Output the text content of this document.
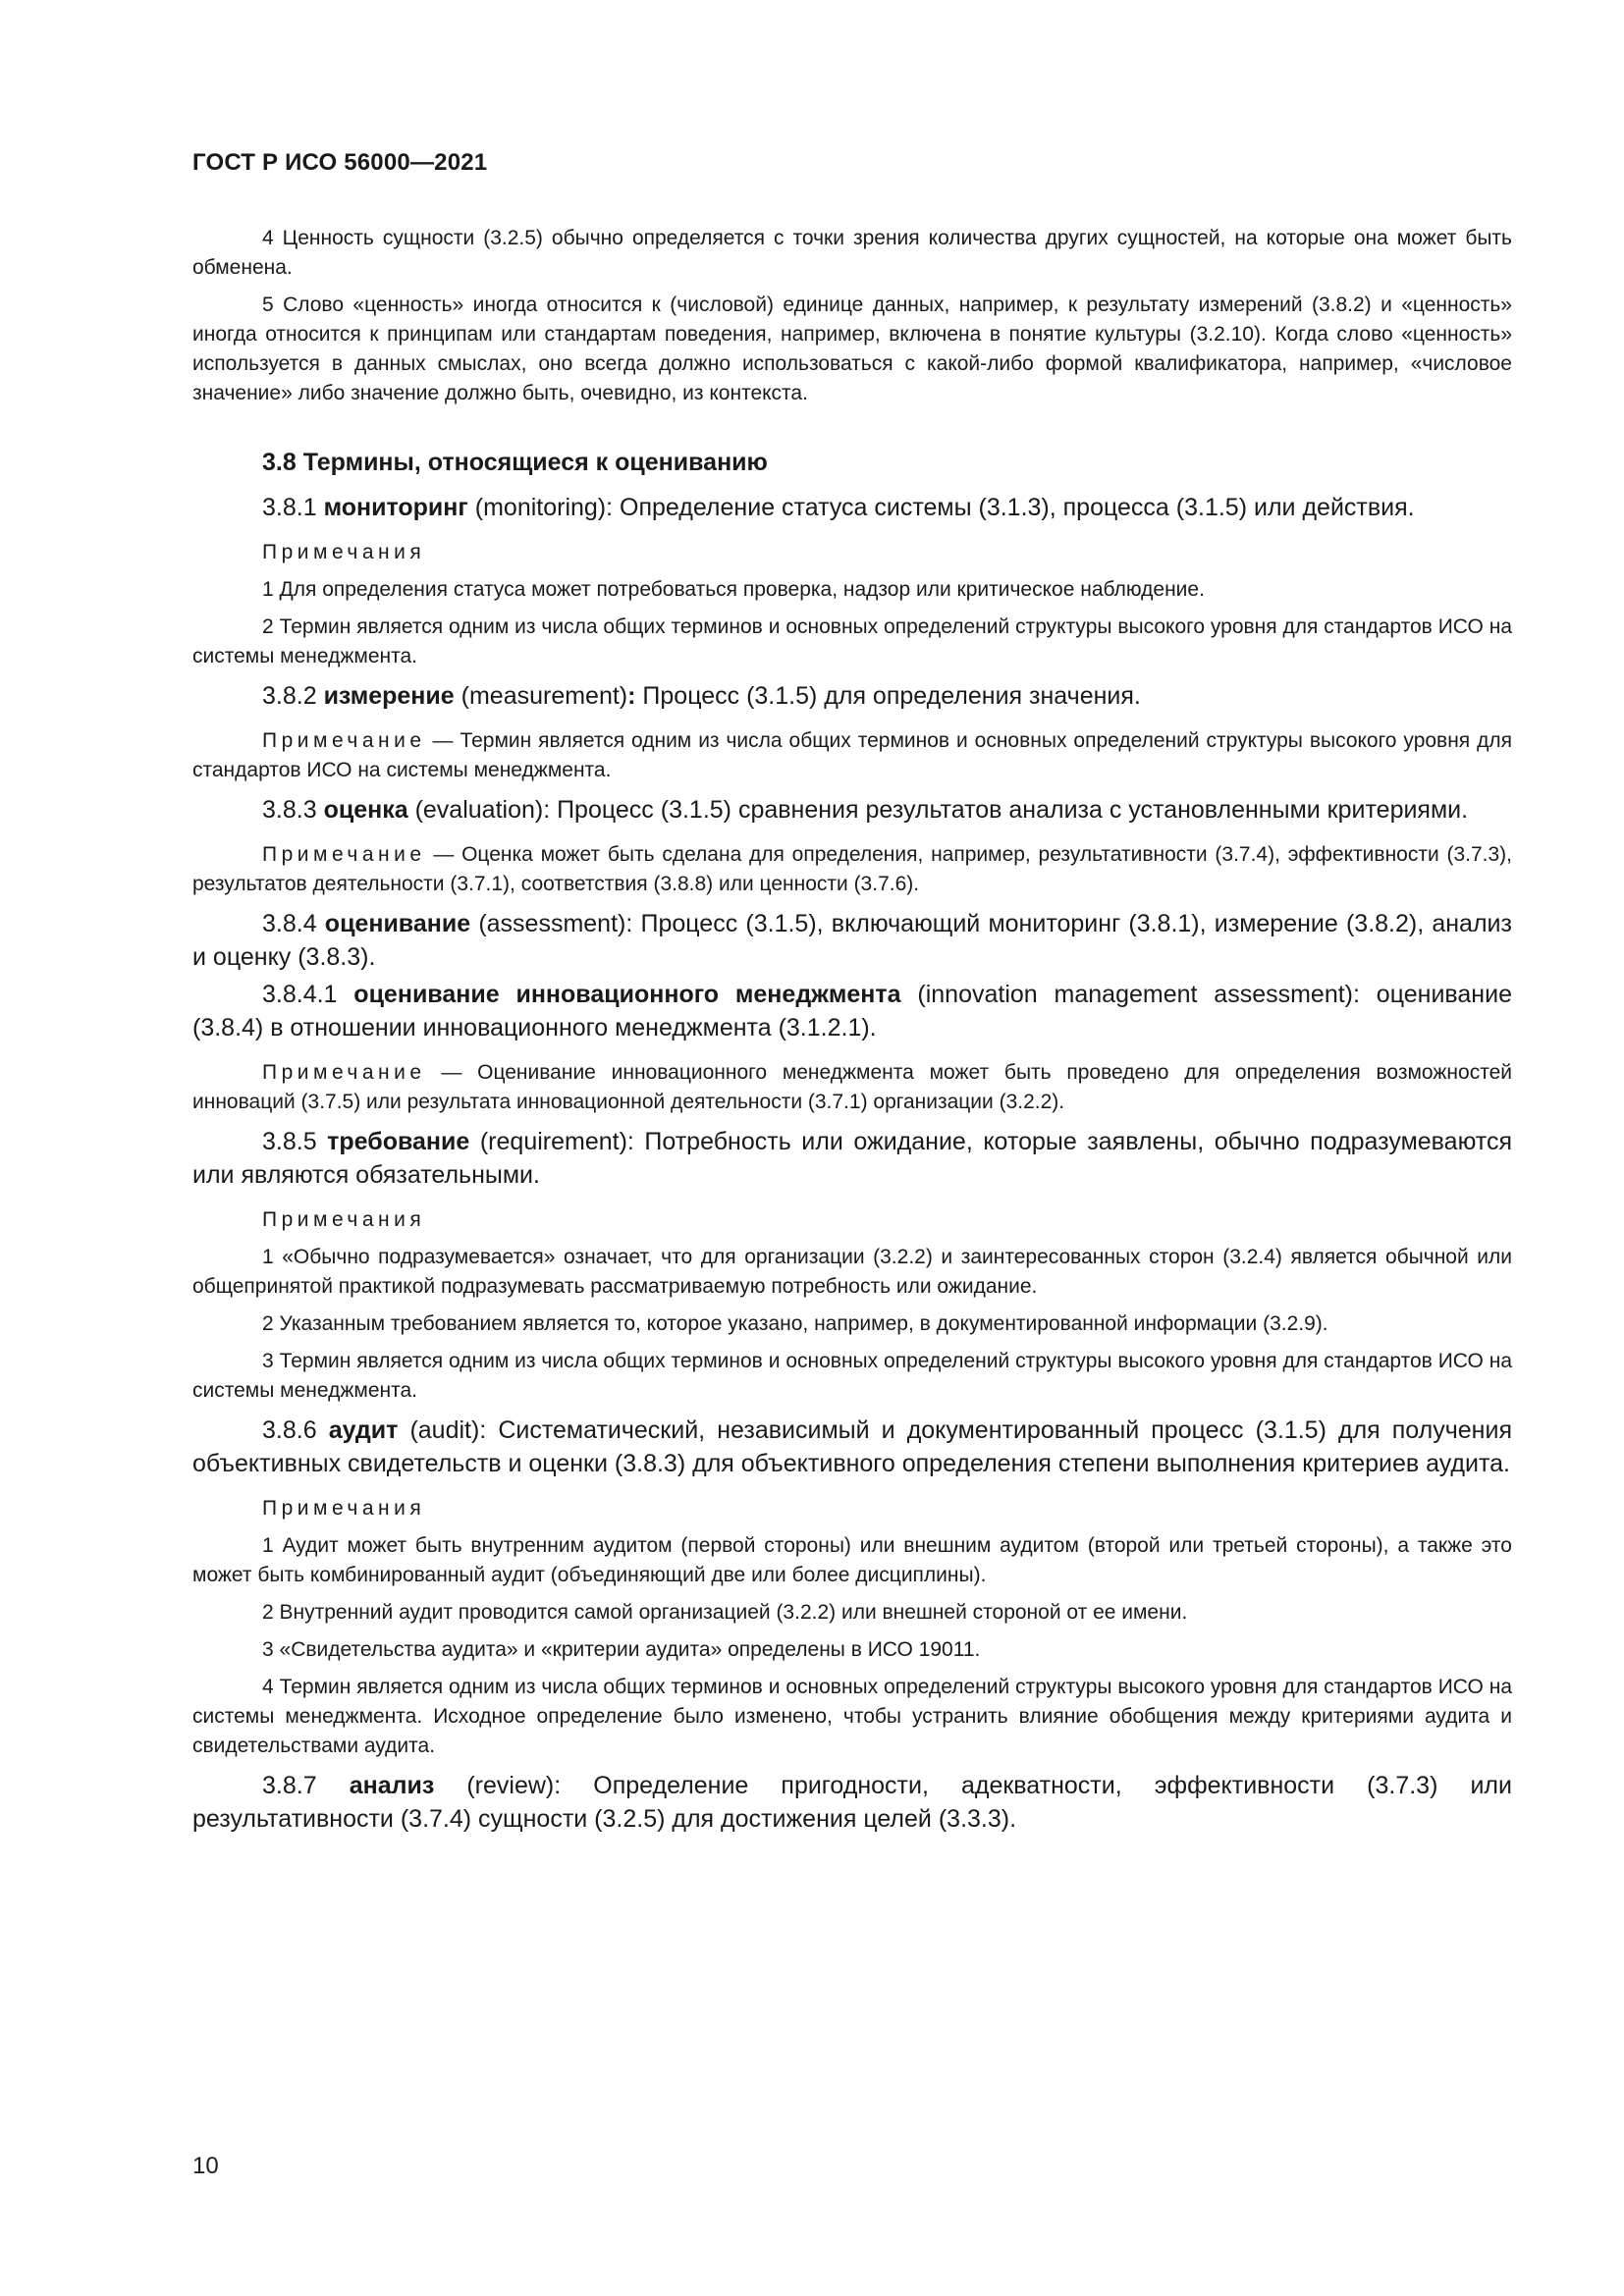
ГОСТ Р ИСО 56000—2021

4 Ценность сущности (3.2.5) обычно определяется с точки зрения количества других сущностей, на которые она может быть обменена.

5 Слово «ценность» иногда относится к (числовой) единице данных, например, к результату измерений (3.8.2) и «ценность» иногда относится к принципам или стандартам поведения, например, включена в понятие культуры (3.2.10). Когда слово «ценность» используется в данных смыслах, оно всегда должно использоваться с какой-либо формой квалификатора, например, «числовое значение» либо значение должно быть, очевидно, из контекста.

3.8 Термины, относящиеся к оцениванию

3.8.1 мониторинг (monitoring): Определение статуса системы (3.1.3), процесса (3.1.5) или действия.

Примечания

1 Для определения статуса может потребоваться проверка, надзор или критическое наблюдение.

2 Термин является одним из числа общих терминов и основных определений структуры высокого уровня для стандартов ИСО на системы менеджмента.

3.8.2 измерение (measurement): Процесс (3.1.5) для определения значения.

Примечание — Термин является одним из числа общих терминов и основных определений структуры высокого уровня для стандартов ИСО на системы менеджмента.

3.8.3 оценка (evaluation): Процесс (3.1.5) сравнения результатов анализа с установленными критериями.

Примечание — Оценка может быть сделана для определения, например, результативности (3.7.4), эффективности (3.7.3), результатов деятельности (3.7.1), соответствия (3.8.8) или ценности (3.7.6).

3.8.4 оценивание (assessment): Процесс (3.1.5), включающий мониторинг (3.8.1), измерение (3.8.2), анализ и оценку (3.8.3).

3.8.4.1 оценивание инновационного менеджмента (innovation management assessment): оценивание (3.8.4) в отношении инновационного менеджмента (3.1.2.1).

Примечание — Оценивание инновационного менеджмента может быть проведено для определения возможностей инноваций (3.7.5) или результата инновационной деятельности (3.7.1) организации (3.2.2).

3.8.5 требование (requirement): Потребность или ожидание, которые заявлены, обычно подразумеваются или являются обязательными.

Примечания

1 «Обычно подразумевается» означает, что для организации (3.2.2) и заинтересованных сторон (3.2.4) является обычной или общепринятой практикой подразумевать рассматриваемую потребность или ожидание.

2 Указанным требованием является то, которое указано, например, в документированной информации (3.2.9).

3 Термин является одним из числа общих терминов и основных определений структуры высокого уровня для стандартов ИСО на системы менеджмента.

3.8.6 аудит (audit): Систематический, независимый и документированный процесс (3.1.5) для получения объективных свидетельств и оценки (3.8.3) для объективного определения степени выполнения критериев аудита.

Примечания

1 Аудит может быть внутренним аудитом (первой стороны) или внешним аудитом (второй или третьей стороны), а также это может быть комбинированный аудит (объединяющий две или более дисциплины).

2 Внутренний аудит проводится самой организацией (3.2.2) или внешней стороной от ее имени.

3 «Свидетельства аудита» и «критерии аудита» определены в ИСО 19011.

4 Термин является одним из числа общих терминов и основных определений структуры высокого уровня для стандартов ИСО на системы менеджмента. Исходное определение было изменено, чтобы устранить влияние обобщения между критериями аудита и свидетельствами аудита.

3.8.7 анализ (review): Определение пригодности, адекватности, эффективности (3.7.3) или результативности (3.7.4) сущности (3.2.5) для достижения целей (3.3.3).

10
